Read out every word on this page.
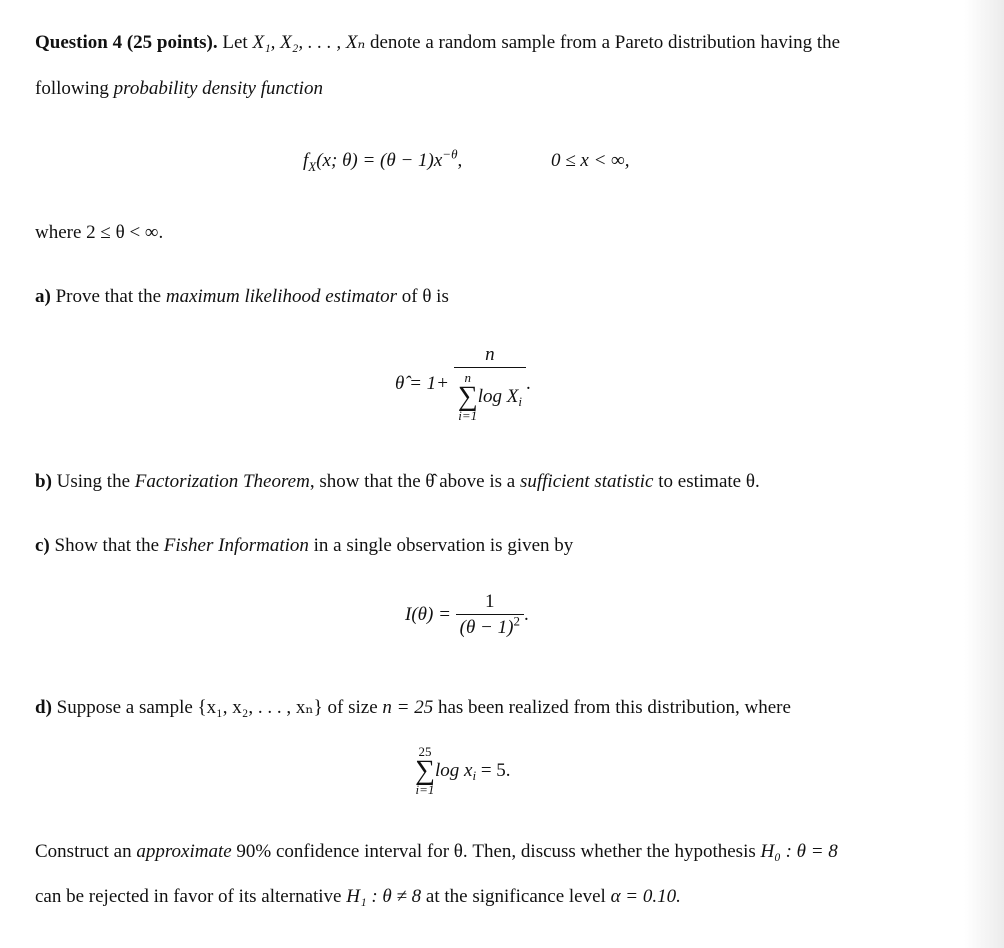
Question 4 (25 points). Let X₁, X₂, . . . , Xₙ denote a random sample from a Pareto distribution having the
following probability density function
$f_X(x$; $\theta) = (\theta - 1)x^{-\theta}$,	0 ≤ x < ∞,
where 2 ≤ θ < ∞.
a) Prove that the maximum likelihood estimator of θ is
θ̂ = 1+ n
n
∑
i=1
$\log X_i$ .
b) Using the Factorization Theorem, show that the θ̂ above is a sufficient statistic to estimate θ.
c) Show that the Fisher Information in a single observation is given by
$I(\theta) = \frac{1}{(\theta - 1)^2}$ .
d) Suppose a sample {x₁, x₂, . . . , xₙ} of size n = 25 has been realized from this distribution, where
25
∑
i=1
$\log x_i = 5$.
Construct an approximate 90% confidence interval for θ. Then, discuss whether the hypothesis H₀ : θ = 8
can be rejected in favor of its alternative H₁ : θ ≠ 8 at the significance level α = 0.10.
